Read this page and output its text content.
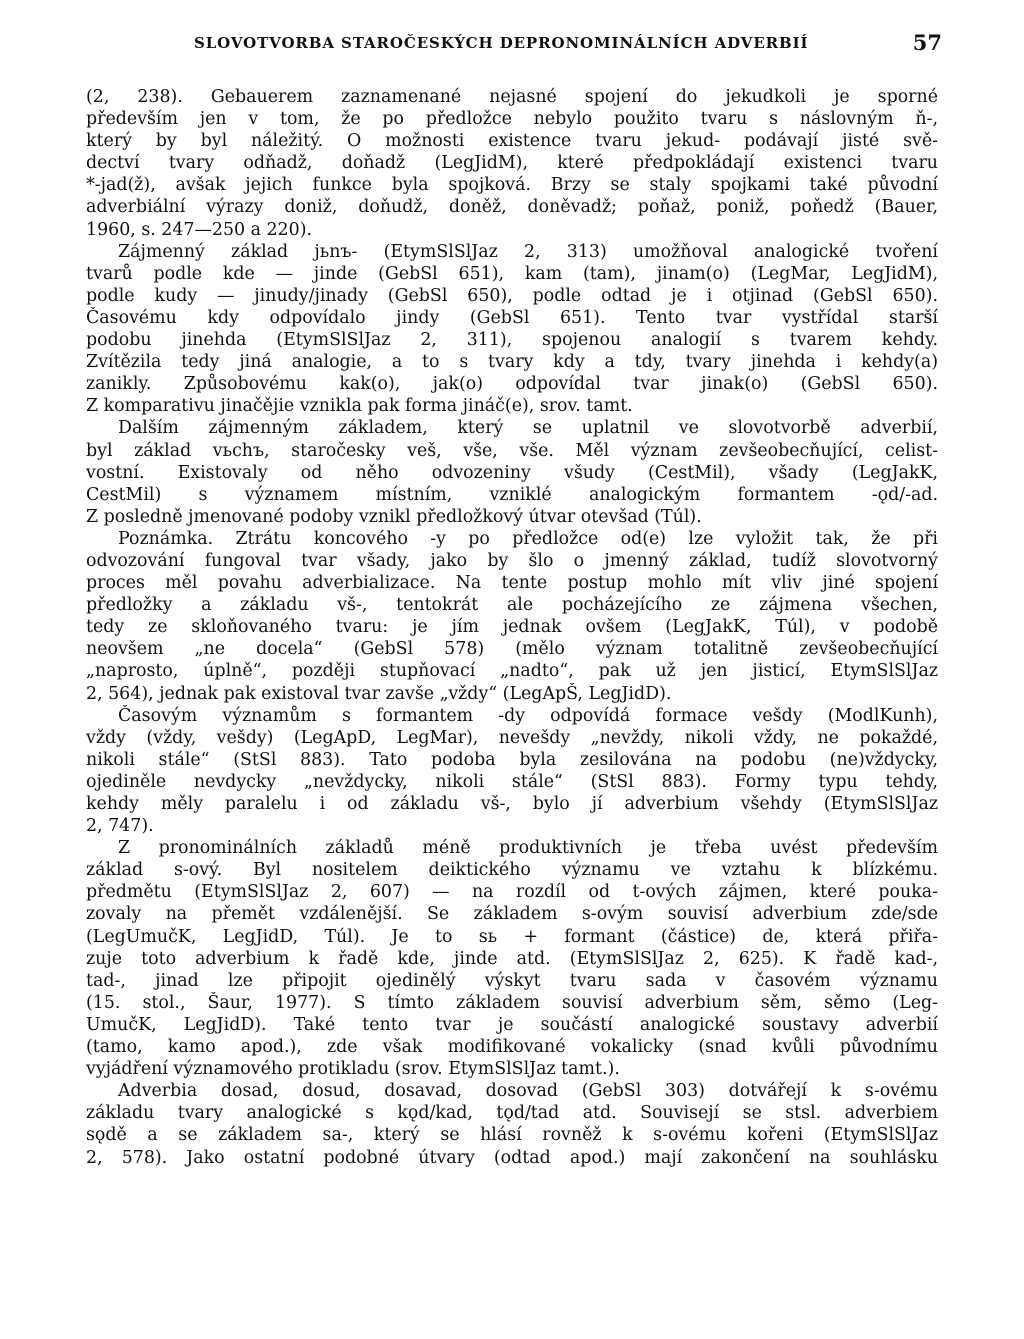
SLOVOTVORBA STAROČESKÝCH DEPRONOMINÁLNÍCH ADVERBIÍ	57
(2, 238). Gebauerem zaznamenané nejasné spojení do jekudkoli je sporné
především jen v tom, že po předložce nebylo použito tvaru s náslovným ň-,
který by byl náležitý. O možnosti existence tvaru jekud- podávají jisté svě-
dectví tvary odňadž, doňadž (LegJidM), které předpokládají existenci tvaru
*-jad(ž), avšak jejich funkce byla spojková. Brzy se staly spojkami také původní
adverbiální výrazy doniž, doňudž, doněž, doněvadž; poňaž, poniž, poňedž (Bauer,
1960, s. 247—250 a 220).
Zájmenný základ jьnъ- (EtymSlSlJaz 2, 313) umožňoval analogické tvoření
tvarů podle kde — jinde (GebSl 651), kam (tam), jinam(o) (LegMar, LegJidM),
podle kudy — jinudy/jinady (GebSl 650), podle odtad je i otjinad (GebSl 650).
Časovému kdy odpovídalo jindy (GebSl 651). Tento tvar vystřídal starší
podobu jinehda (EtymSlSlJaz 2, 311), spojenou analogií s tvarem kehdy.
Zvítězila tedy jiná analogie, a to s tvary kdy a tdy, tvary jinehda i kehdy(a)
zanikly. Způsobovému kak(o), jak(o) odpovídal tvar jinak(o) (GebSl 650).
Z komparativu jinačějie vznikla pak forma jináč(e), srov. tamt.
Dalším zájmenným základem, který se uplatnil ve slovotvorbě adverbií,
byl základ vьchъ, staročesky veš, vše, vše. Měl význam zevšeobecňující, celist-
vostní. Existovaly od něho odvozeniny všudy (CestMil), všady (LegJakK,
CestMil) s významem místním, vzniklé analogickým formantem -ǫd/-ad.
Z posledně jmenované podoby vznikl předložkový útvar otevšad (Túl).
Poznámka. Ztrátu koncového -y po předložce od(e) lze vyložit tak, že při
odvozování fungoval tvar všady, jako by šlo o jmenný základ, tudíž slovotvorný
proces měl povahu adverbializace. Na tente postup mohlo mít vliv jiné spojení
předložky a základu vš-, tentokrát ale pocházejícího ze zájmena všechen,
tedy ze skloňovaného tvaru: je jím jednak ovšem (LegJakK, Túl), v podobě
neovšem „ne docela“ (GebSl 578) (mělo význam totalitně zevšeobecňující
„naprosto, úplně“, později stupňovací „nadto“, pak už jen jisticí, EtymSlSlJaz
2, 564), jednak pak existoval tvar zavše „vždy“ (LegApŠ, LegJidD).
Časovým významům s formantem -dy odpovídá formace vešdy (ModlKunh),
vždy (vždy, vešdy) (LegApD, LegMar), nevešdy „nevždy, nikoli vždy, ne pokaždé,
nikoli stále“ (StSl 883). Tato podoba byla zesilována na podobu (ne)vždycky,
ojediněle nevdycky „nevždycky, nikoli stále“ (StSl 883). Formy typu tehdy,
kehdy měly paralelu i od základu vš-, bylo jí adverbium všehdy (EtymSlSlJaz
2, 747).
Z pronominálních základů méně produktivních je třeba uvést především
základ s-ový. Byl nositelem deiktického významu ve vztahu k blízkému.
předmětu (EtymSlSlJaz 2, 607) — na rozdíl od t-ových zájmen, které pouka-
zovaly na přemět vzdálenější. Se základem s-ovým souvisí adverbium zde/sde
(LegUmučK, LegJidD, Túl). Je to sь + formant (částice) de, která přiřa-
zuje toto adverbium k řadě kde, jinde atd. (EtymSlSlJaz 2, 625). K řadě kad-,
tad-, jinad lze připojit ojedinělý výskyt tvaru sada v časovém významu
(15. stol., Šaur, 1977). S tímto základem souvisí adverbium sěm, sěmo (Leg-
UmučK, LegJidD). Také tento tvar je součástí analogické soustavy adverbií
(tamo, kamo apod.), zde však modifikované vokalicky (snad kvůli původnímu
vyjádření významového protikladu (srov. EtymSlSlJaz tamt.).
Adverbia dosad, dosud, dosavad, dosovad (GebSl 303) dotvářejí k s-ovému
základu tvary analogické s kǫd/kad, tǫd/tad atd. Souvisejí se stsl. adverbiem
sǫdě a se základem sa-, který se hlásí rovněž k s-ovému kořeni (EtymSlSlJaz
2, 578). Jako ostatní podobné útvary (odtad apod.) mají zakončení na souhlásku
